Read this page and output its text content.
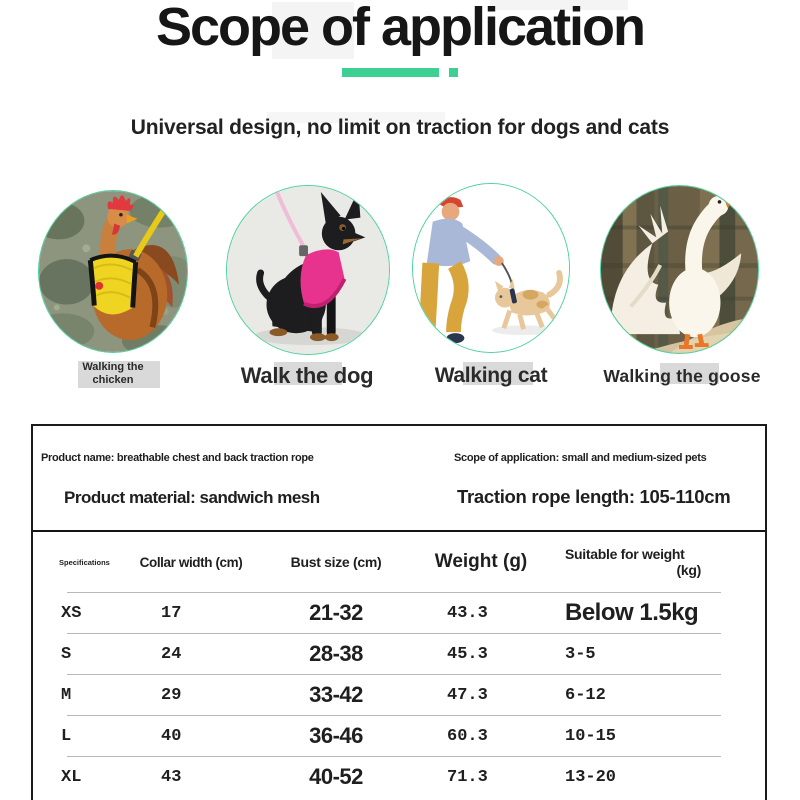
Scope of application
Universal design, no limit on traction for dogs and cats
Walking the
chicken	Walk the dog	Walking cat	Walking the goose
Product name: breathable chest and back traction rope	Scope of application: small and medium-sized pets
Product material: sandwich mesh	Traction rope length: 105-110cm
Specifications	Collar width (cm)	Bust size (cm)	Weight (g)	Suitable for weight
(kg)
XS	17	21-32	43.3	Below 1.5kg
S	24	28-38	45.3	3-5
M	29	33-42	47.3	6-12
L	40	36-46	60.3	10-15
XL	43	40-52	71.3	13-20
